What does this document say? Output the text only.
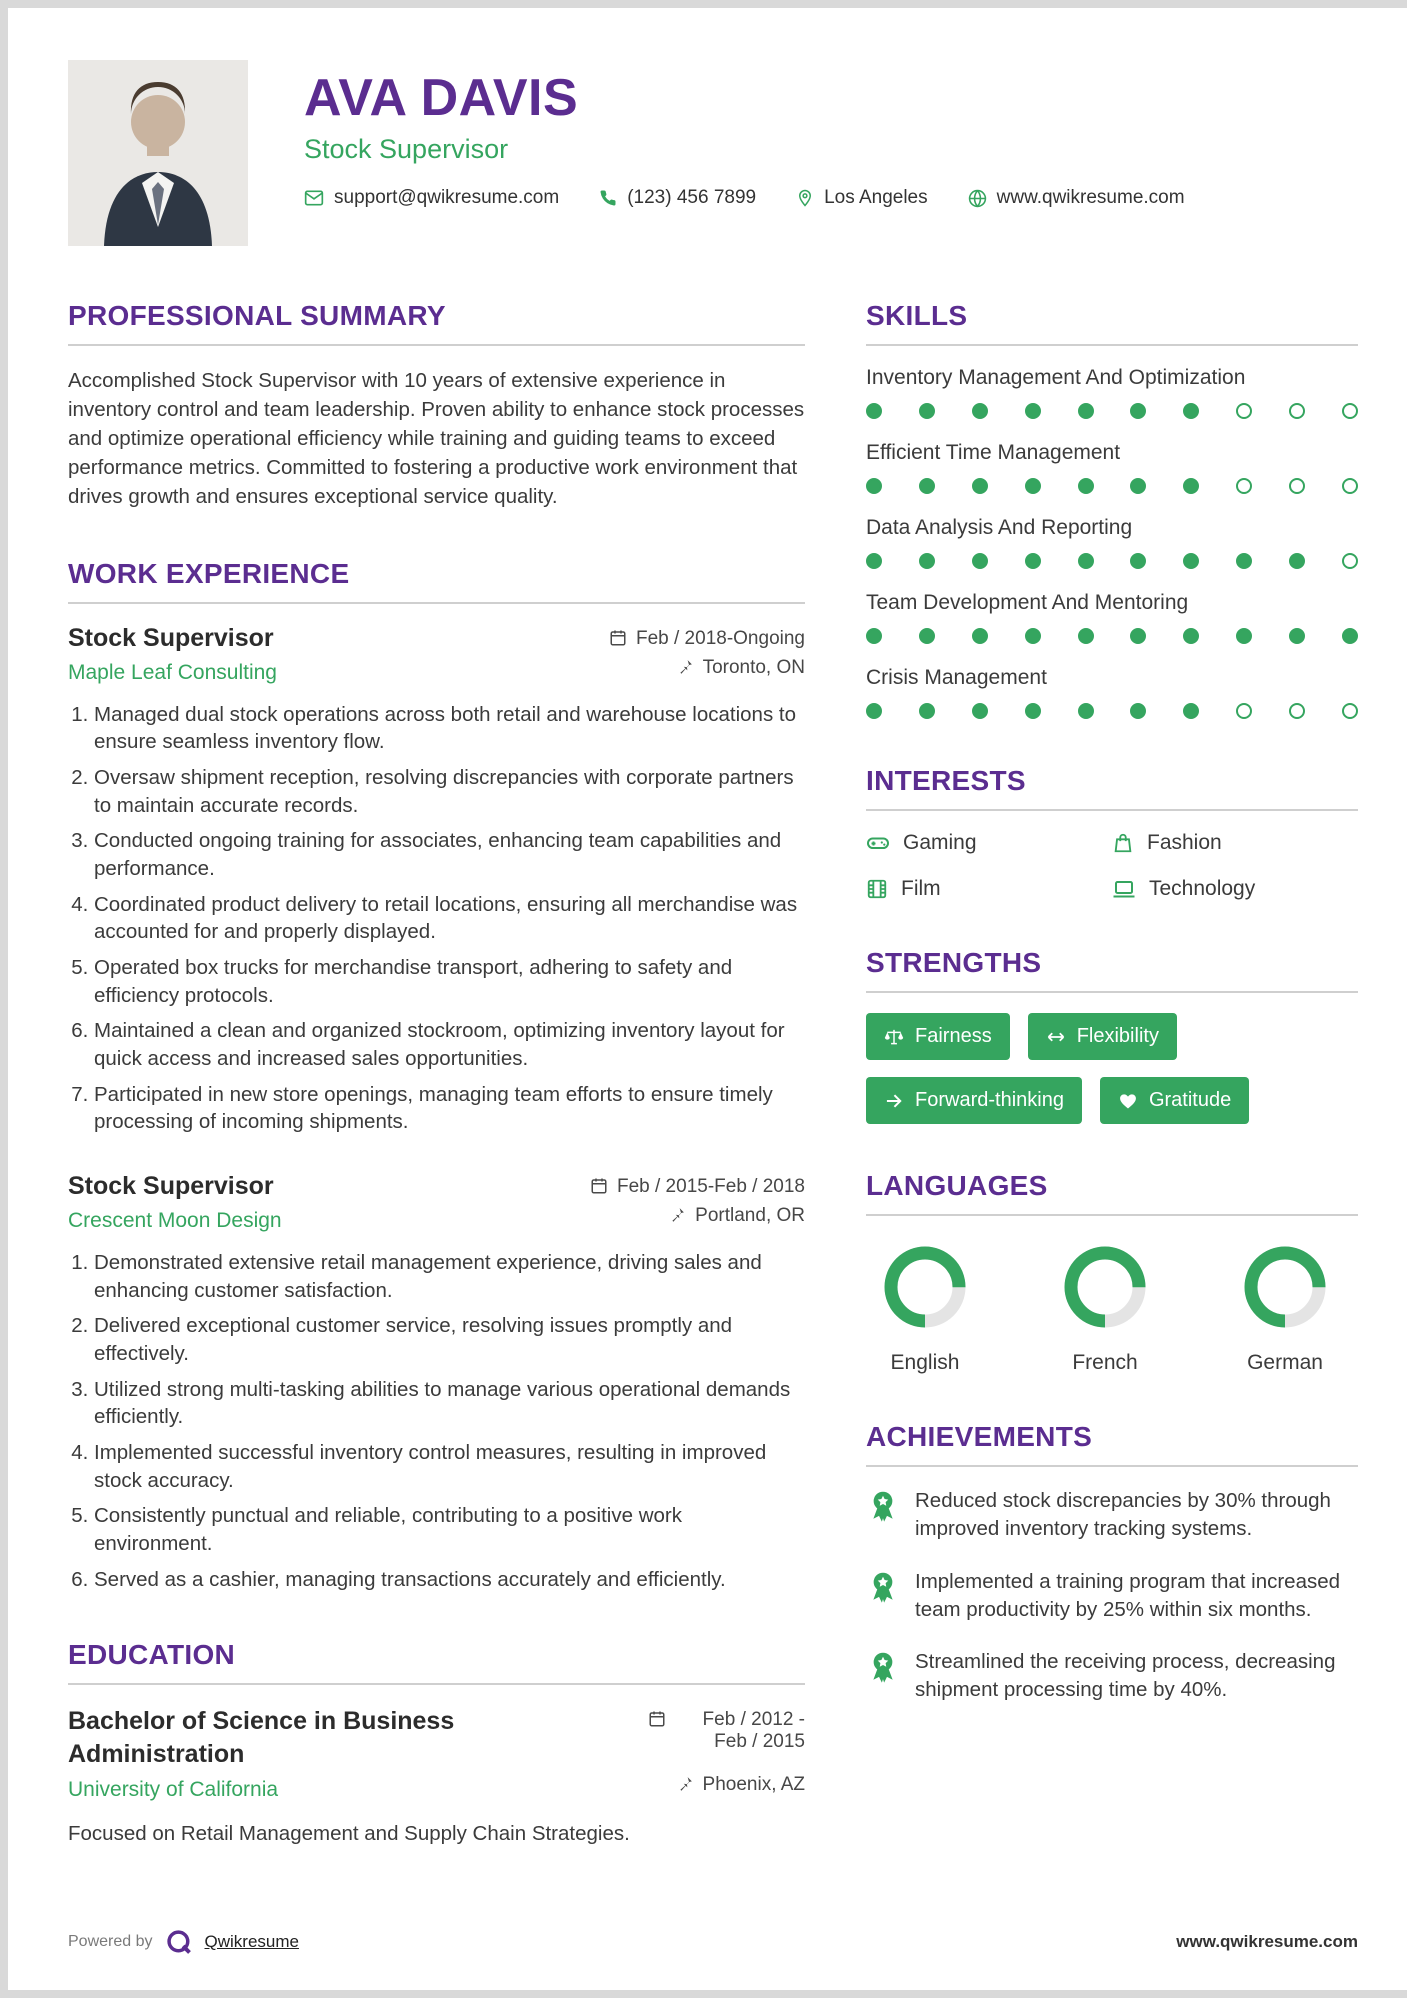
AVA DAVIS
Stock Supervisor
support@qwikresume.com	(123) 456 7899	Los Angeles	www.qwikresume.com
PROFESSIONAL SUMMARY

Accomplished Stock Supervisor with 10 years of extensive experience in inventory control and team leadership. Proven ability to enhance stock processes and optimize operational efficiency while training and guiding teams to exceed performance metrics. Committed to fostering a productive work environment that drives growth and ensures exceptional service quality.

WORK EXPERIENCE
Stock Supervisor	Feb / 2018-Ongoing
Maple Leaf Consulting	Toronto, ON
1. Managed dual stock operations across both retail and warehouse locations to ensure seamless inventory flow.
2. Oversaw shipment reception, resolving discrepancies with corporate partners to maintain accurate records.
3. Conducted ongoing training for associates, enhancing team capabilities and performance.
4. Coordinated product delivery to retail locations, ensuring all merchandise was accounted for and properly displayed.
5. Operated box trucks for merchandise transport, adhering to safety and efficiency protocols.
6. Maintained a clean and organized stockroom, optimizing inventory layout for quick access and increased sales opportunities.
7. Participated in new store openings, managing team efforts to ensure timely processing of incoming shipments.
Stock Supervisor	Feb / 2015-Feb / 2018
Crescent Moon Design	Portland, OR
1. Demonstrated extensive retail management experience, driving sales and enhancing customer satisfaction.
2. Delivered exceptional customer service, resolving issues promptly and effectively.
3. Utilized strong multi-tasking abilities to manage various operational demands efficiently.
4. Implemented successful inventory control measures, resulting in improved stock accuracy.
5. Consistently punctual and reliable, contributing to a positive work environment.
6. Served as a cashier, managing transactions accurately and efficiently.
EDUCATION
Bachelor of Science in Business Administration
Feb / 2012 - Feb / 2015
University of California	Phoenix, AZ

Focused on Retail Management and Supply Chain Strategies.

SKILLS
Inventory Management And Optimization
Efficient Time Management
Data Analysis And Reporting
Team Development And Mentoring
Crisis Management
INTERESTS
Gaming	Fashion
Film	Technology
STRENGTHS
Fairness	Flexibility
Forward-thinking	Gratitude
LANGUAGES
English	French	German
ACHIEVEMENTS

Reduced stock discrepancies by 30% through improved inventory tracking systems.

Implemented a training program that increased team productivity by 25% within six months.

Streamlined the receiving process, decreasing shipment processing time by 40%.

Powered by	Qwikresume	www.qwikresume.com
